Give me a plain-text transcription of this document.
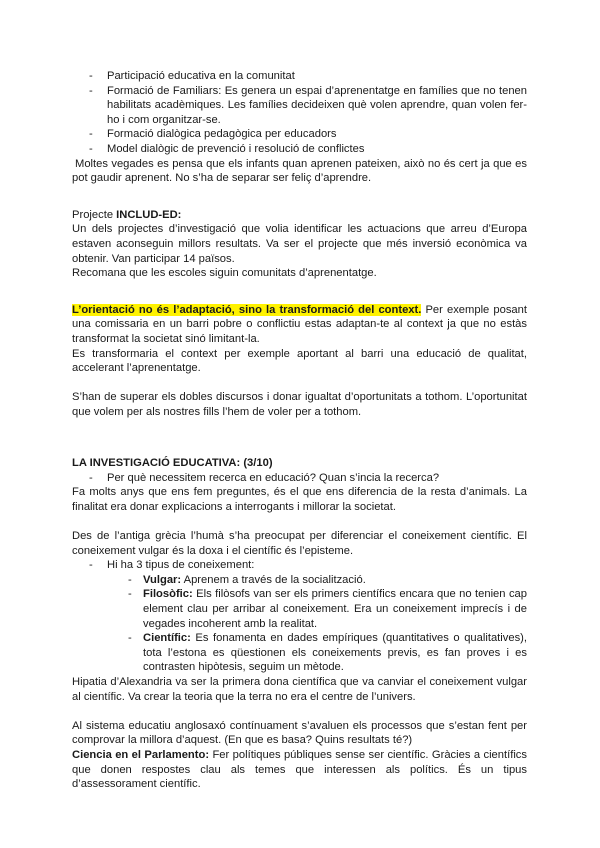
- Participació educativa en la comunitat
- Formació de Familiars: Es genera un espai d’aprenentatge en famílies que no tenen habilitats acadèmiques. Les famílies decideixen què volen aprendre, quan volen fer-ho i com organitzar-se.
- Formació dialògica pedagògica per educadors
- Model dialògic de prevenció i resolució de conflictes

Moltes vegades es pensa que els infants quan aprenen pateixen, això no és cert ja que es pot gaudir aprenent. No s’ha de separar ser feliç d’aprendre.

Projecte INCLUD-ED:

Un dels projectes d’investigació que volia identificar les actuacions que arreu d’Europa estaven aconseguin millors resultats. Va ser el projecte que més inversió econòmica va obtenir. Van participar 14 països.

Recomana que les escoles siguin comunitats d’aprenentatge.

L’orientació no és l’adaptació, sino la transformació del context. Per exemple posant una comissaria en un barri pobre o conflictiu estas adaptan-te al context ja que no estàs transformat la societat sinó limitant-la.

Es transformaria el context per exemple aportant al barri una educació de qualitat, accelerant l’aprenentatge.

S’han de superar els dobles discursos i donar igualtat d’oportunitats a tothom. L’oportunitat que volem per als nostres fills l’hem de voler per a tothom.

LA INVESTIGACIÓ EDUCATIVA: (3/10)

- Per què necessitem recerca en educació? Quan s’incia la recerca?

Fa molts anys que ens fem preguntes, és el que ens diferencia de la resta d’animals. La finalitat era donar explicacions a interrogants i millorar la societat.

Des de l’antiga grècia l’humà s’ha preocupat per diferenciar el coneixement científic. El coneixement vulgar és la doxa i el científic és l’episteme.

- Hi ha 3 tipus de coneixement:
- Vulgar: Aprenem a través de la socialització.
- Filosòfic: Els filòsofs van ser els primers científics encara que no tenien cap element clau per arribar al coneixement. Era un coneixement imprecís i de vegades incoherent amb la realitat.
- Científic: Es fonamenta en dades empíriques (quantitatives o qualitatives), tota l’estona es qüestionen els coneixements previs, es fan proves i es contrasten hipòtesis, seguim un mètode.

Hipatia d’Alexandria va ser la primera dona científica que va canviar el coneixement vulgar al científic. Va crear la teoria que la terra no era el centre de l’univers.

Al sistema educatiu anglosaxó contínuament s’avaluen els processos que s’estan fent per comprovar la millora d’aquest. (En que es basa? Quins resultats té?)

Ciencia en el Parlamento: Fer polítiques públiques sense ser científic. Gràcies a científics que donen respostes clau als temes que interessen als polítics. És un tipus d’assessorament científic.
